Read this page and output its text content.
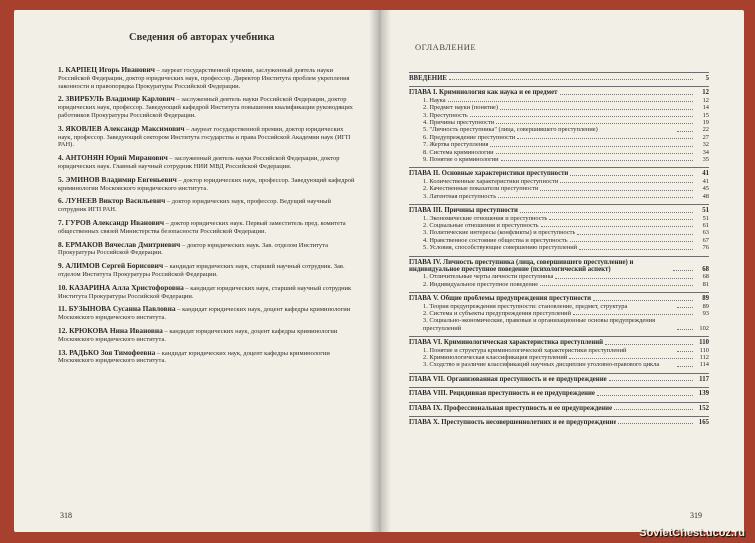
Сведения об авторах учебника
1. КАРПЕЦ Игорь Иванович – лауреат государственной премии, заслуженный деятель науки Российской Федерации, доктор юридических наук, профессор. Директор Института проблем укрепления законности и правопорядка Прокуратуры Российской Федерации.
2. ЗВИРБУЛЬ Владимир Карлович – заслуженный деятель науки Российской Федерации, доктор юридических наук, профессор. Заведующий кафедрой Института повышения квалификации руководящих работников Прокуратуры Российской Федерации.
3. ЯКОВЛЕВ Александр Максимович – лауреат государственной премии, доктор юридических наук, профессор. Заведующий сектором Института государства и права Российской Академии наук (ИГП РАН).
4. АНТОНЯН Юрий Миранович – заслуженный деятель науки Российской Федерации, доктор юридических наук. Главный научный сотрудник НИИ МВД Российской Федерации.
5. ЭМИНОВ Владимир Евгеньевич – доктор юридических наук, профессор. Заведующий кафедрой криминологии Московского юридического института.
6. ЛУНЕЕВ Виктор Васильевич – доктор юридических наук, профессор. Ведущий научный сотрудник ИГП РАН.
7. ГУРОВ Александр Иванович – доктор юридических наук. Первый заместитель пред. комитета общественных связей Министерства безопасности Российской Федерации.
8. ЕРМАКОВ Вячеслав Дмитриевич – доктор юридических наук. Зав. отделом Института Прокуратуры Российской Федерации.
9. АЛИМОВ Сергей Борисович – кандидат юридических наук, старший научный сотрудник. Зав. отделом Института Прокуратуры Российской Федерации.
10. КАЗАРИНА Алла Христофоровна – кандидат юридических наук, старший научный сотрудник Института Прокуратуры Российской Федерации.
11. БУЗЫНОВА Сусанна Павловна – кандидат юридических наук, доцент кафедры криминологии Московского юридического института.
12. КРЮКОВА Нина Ивановна – кандидат юридических наук, доцент кафедры криминологии Московского юридического института.
13. РАДЬКО Зоя Тимофеевна – кандидат юридических наук, доцент кафедры криминологии Московского юридического института.
318
ОГЛАВЛЕНИЕ
ВВЕДЕНИЕ	5
ГЛАВА I. Криминология как наука и ее предмет	12
1. Наука	12
2. Предмет науки (понятие)	14
3. Преступность	15
4. Причины преступности	19
5. "Личность преступника" (лица, совершившего преступление)	22
6. Предупреждение преступности	27
7. Жертва преступления	32
8. Система криминологии	34
9. Понятие о криминологии	35
ГЛАВА II. Основные характеристики преступности	41
1. Количественные характеристики преступности	41
2. Качественные показатели преступности	45
3. Латентная преступность	48
ГЛАВА III. Причины преступности	51
1. Экономические отношения и преступность	51
2. Социальные отношения и преступность	61
3. Политические интересы (конфликты) и преступность	63
4. Нравственное состояние общества и преступность	67
5. Условия, способствующие совершению преступлений	76
ГЛАВА IV. Личность преступника (лица, совершившего преступление) и индивидуальное преступное поведение (психологический аспект)	68
1. Отличительные черты личности преступника	68
2. Индивидуальное преступное поведение	81
ГЛАВА V. Общие проблемы предупреждения преступности	89
1. Теория предупреждения преступности: становление, предмет, структура	89
2. Система и субъекты предупреждения преступлений	93
3. Социально-экономические, правовые и организационные основы предупреждения преступлений	102
ГЛАВА VI. Криминологическая характеристика преступлений	110
1. Понятие и структура криминологической характеристики преступлений	110
2. Криминологическая классификация преступлений	112
3. Сходство и различие классификаций научных дисциплин уголовно-правового цикла	114
ГЛАВА VII. Организованная преступность и ее предупреждение	117
ГЛАВА VIII. Рецидивная преступность и ее предупреждение	139
ГЛАВА IX. Профессиональная преступность и ее предупреждение	152
ГЛАВА X. Преступность несовершеннолетних и ее предупреждение	165
319
SovietChest.ucoz.ru
